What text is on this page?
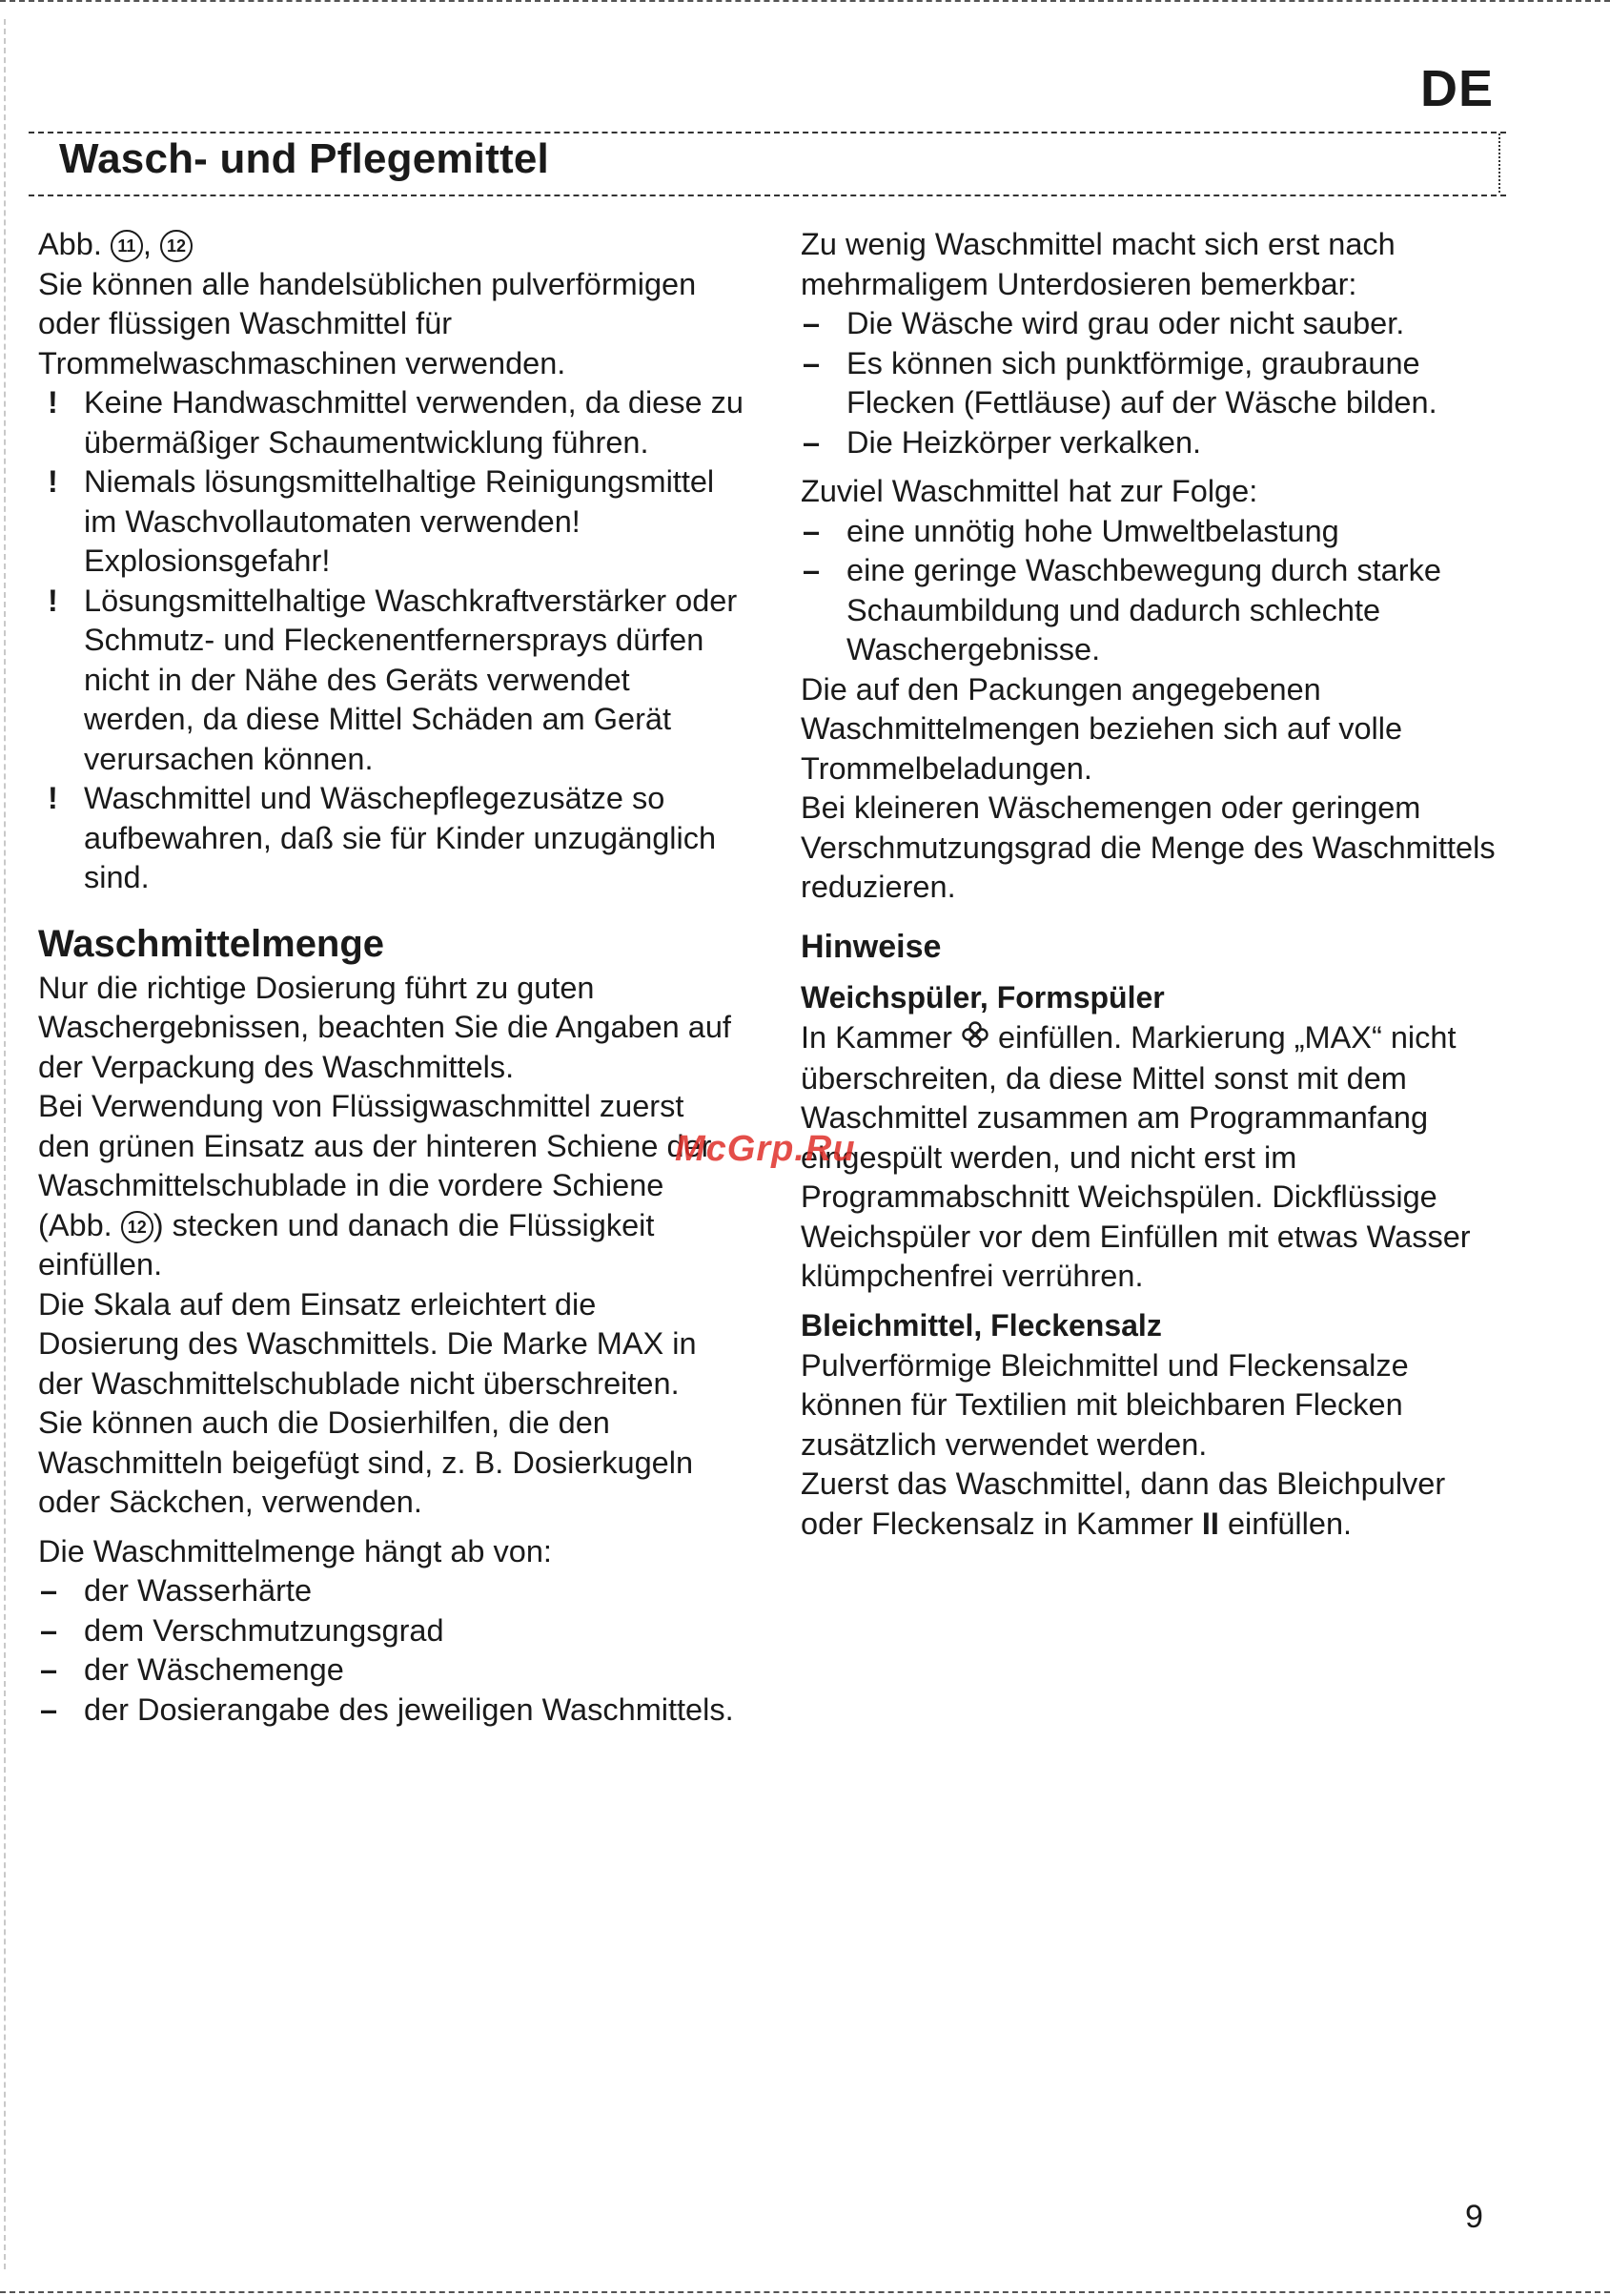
DE
Wasch- und Pflegemittel

Abb. 11 , 12

Sie können alle handelsüblichen pulverförmigen oder flüssigen Waschmittel für Trommelwaschmaschinen verwenden.

! Keine Handwaschmittel verwenden, da diese zu übermäßiger Schaumentwicklung führen.
! Niemals lösungsmittelhaltige Reinigungsmittel im Waschvollautomaten verwenden! Explosionsgefahr!
! Lösungsmittelhaltige Waschkraftverstärker oder Schmutz- und Fleckenentfernersprays dürfen nicht in der Nähe des Geräts verwendet werden, da diese Mittel Schäden am Gerät verursachen können.
! Waschmittel und Wäschepflegezusätze so aufbewahren, daß sie für Kinder unzugänglich sind.
Waschmittelmenge

Nur die richtige Dosierung führt zu guten Waschergebnissen, beachten Sie die Angaben auf der Verpackung des Waschmittels.

Bei Verwendung von Flüssigwaschmittel zuerst den grünen Einsatz aus der hinteren Schiene der Waschmittelschublade in die vordere Schiene (Abb. 12 ) stecken und danach die Flüssigkeit einfüllen.

Die Skala auf dem Einsatz erleichtert die Dosierung des Waschmittels. Die Marke MAX in der Waschmittelschublade nicht überschreiten.

Sie können auch die Dosierhilfen, die den Waschmitteln beigefügt sind, z. B. Dosierkugeln oder Säckchen, verwenden.

Die Waschmittelmenge hängt ab von:

– der Wasserhärte
– dem Verschmutzungsgrad
– der Wäschemenge
– der Dosierangabe des jeweiligen Waschmittels.

Zu wenig Waschmittel macht sich erst nach mehrmaligem Unterdosieren bemerkbar:

– Die Wäsche wird grau oder nicht sauber.
– Es können sich punktförmige, graubraune Flecken (Fettläuse) auf der Wäsche bilden.
– Die Heizkörper verkalken.

Zuviel Waschmittel hat zur Folge:

– eine unnötig hohe Umweltbelastung
– eine geringe Waschbewegung durch starke Schaumbildung und dadurch schlechte Waschergebnisse.

Die auf den Packungen angegebenen Waschmittelmengen beziehen sich auf volle Trommelbeladungen.

Bei kleineren Wäschemengen oder geringem Verschmutzungsgrad die Menge des Waschmittels reduzieren.

Hinweise
Weichspüler, Formspüler

In Kammer einfüllen. Markierung „MAX“ nicht überschreiten, da diese Mittel sonst mit dem Waschmittel zusammen am Programmanfang eingespült werden, und nicht erst im Programmabschnitt Weichspülen. Dickflüssige Weichspüler vor dem Einfüllen mit etwas Wasser klümpchenfrei verrühren.

Bleichmittel, Fleckensalz

Pulverförmige Bleichmittel und Fleckensalze können für Textilien mit bleichbaren Flecken zusätzlich verwendet werden.

Zuerst das Waschmittel, dann das Bleichpulver oder Fleckensalz in Kammer II einfüllen.

McGrp.Ru
9
